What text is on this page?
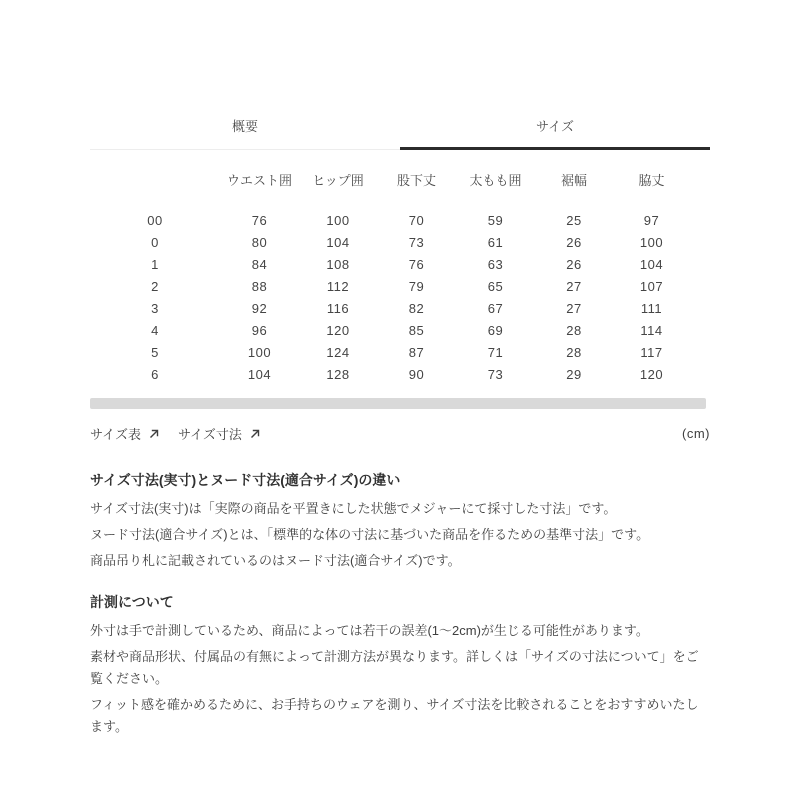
概要	サイズ
	ウエスト囲	ヒップ囲	股下丈	太もも囲	裾幅	脇丈
00	76	100	70	59	25	97
0	80	104	73	61	26	100
1	84	108	76	63	26	104
2	88	112	79	65	27	107
3	92	116	82	67	27	111
4	96	120	85	69	28	114
5	100	124	87	71	28	117
6	104	128	90	73	29	120
サイズ表	サイズ寸法	(cm)
サイズ寸法(実寸)とヌード寸法(適合サイズ)の違い

サイズ寸法(実寸)は「実際の商品を平置きにした状態でメジャーにて採寸した寸法」です。

ヌード寸法(適合サイズ)とは、「標準的な体の寸法に基づいた商品を作るための基準寸法」です。

商品吊り札に記載されているのはヌード寸法(適合サイズ)です。

計測について

外寸は手で計測しているため、商品によっては若干の誤差(1〜2cm)が生じる可能性があります。

素材や商品形状、付属品の有無によって計測方法が異なります。詳しくは「サイズの寸法について」をご覧ください。

フィット感を確かめるために、お手持ちのウェアを測り、サイズ寸法を比較されることをおすすめいたします。
